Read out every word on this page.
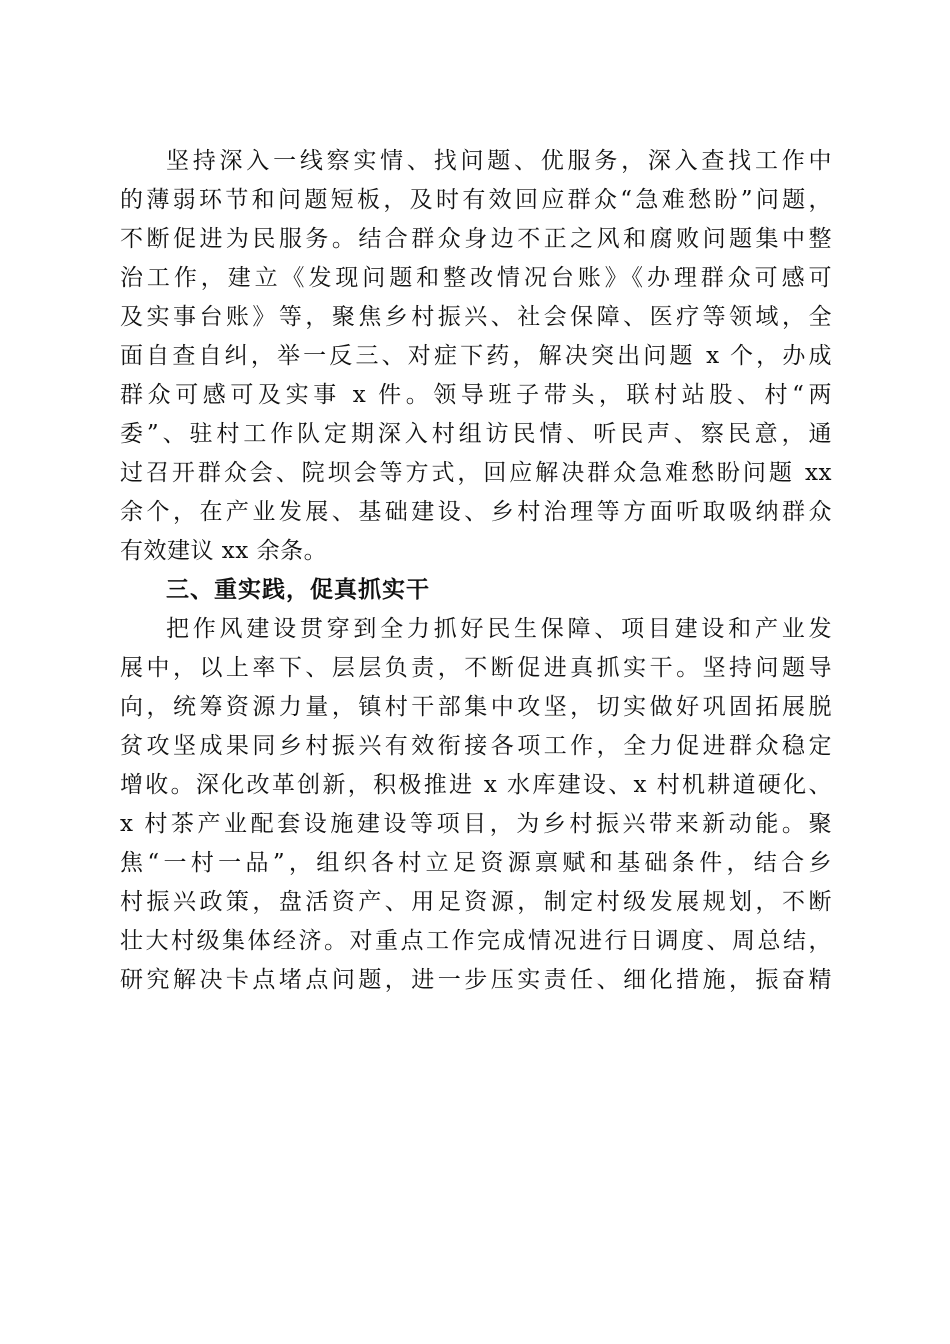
坚持深入一线察实情、找问题、优服务，深入查找工作中
的薄弱环节和问题短板，及时有效回应群众“急难愁盼”问题，
不断促进为民服务。结合群众身边不正之风和腐败问题集中整
治工作，建立《发现问题和整改情况台账》《办理群众可感可
及实事台账》等，聚焦乡村振兴、社会保障、医疗等领域，全
面自查自纠，举一反三、对症下药，解决突出问题 x 个，办成
群众可感可及实事 x 件。领导班子带头，联村站股、村“两
委”、驻村工作队定期深入村组访民情、听民声、察民意，通
过召开群众会、院坝会等方式，回应解决群众急难愁盼问题 xx
余个，在产业发展、基础建设、乡村治理等方面听取吸纳群众
有效建议 xx 余条。
三、重实践，促真抓实干
把作风建设贯穿到全力抓好民生保障、项目建设和产业发
展中，以上率下、层层负责，不断促进真抓实干。坚持问题导
向，统筹资源力量，镇村干部集中攻坚，切实做好巩固拓展脱
贫攻坚成果同乡村振兴有效衔接各项工作，全力促进群众稳定
增收。深化改革创新，积极推进 x 水库建设、x 村机耕道硬化、
x 村茶产业配套设施建设等项目，为乡村振兴带来新动能。聚
焦“一村一品”，组织各村立足资源禀赋和基础条件，结合乡
村振兴政策，盘活资产、用足资源，制定村级发展规划，不断
壮大村级集体经济。对重点工作完成情况进行日调度、周总结，
研究解决卡点堵点问题，进一步压实责任、细化措施，振奋精
